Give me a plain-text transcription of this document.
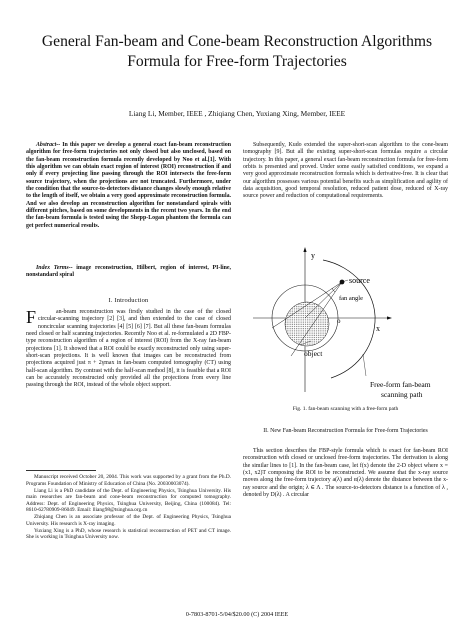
General Fan-beam and Cone-beam Reconstruction Algorithms Formula for Free-form Trajectories
Liang Li, Member, IEEE , Zhiqiang Chen, Yuxiang Xing, Member, IEEE
Abstract-- In this paper we develop a general exact fan-beam reconstruction algorithm for free-form trajectories not only closed but also unclosed, based on the fan-beam reconstruction formula recently developed by Noo et al.[1]. With this algorithm we can obtain exact region of interest (ROI) reconstruction if and only if every projecting line passing through the ROI intersects the free-form source trajectory, when the projections are not truncated. Furthermore, under the condition that the source-to-detectors distance changes slowly enough relative to the length of itself, we obtain a very good approximate reconstruction formula. And we also develop an reconstruction algorithm for nonstandard spirals with different pitches, based on some developments in the recent two years. In the end the fan-beam formula is tested using the Shepp-Logan phantom the formula can get perfect numerical results.
Index Terms-- image reconstruction, Hilbert, region of interest, PI-line, nonstandard spiral
I. Introduction
F	an-beam reconstruction was firstly studied in the case of the closed circular-scanning trajectory [2] [3], and then extended to the case of closed noncircular scanning trajectories [4] [5] [6] [7]. But all these fan-beam formulas need closed or half scanning trajectories. Recently Noo et al. re-formulated a 2D FBP-type reconstruction algorithm of a region of interest (ROI) from the X-ray fan-beam projections [1]. It showed that a ROI could be exactly reconstructed only using super-short-scan projections. It is well known that images can be reconstructed from projections acquired just π + 2γmax in fan-beam computed tomography (CT) using half-scan algorithm. By contrast with the half-scan method [8], it is feasible that a ROI can be accurately reconstructed only provided all the projections from every line passing through the ROI, instead of the whole object support.

Manuscript received October 20, 2004. This work was supported by a grant from the Ph.D. Programs Foundation of Ministry of Education of China (No. 20030003074).

Liang Li is a PhD candidate of the Dept. of Engineering Physics, Tsinghua University. His main researches are fan-beam and cone-beam reconstruction for computed tomography. Address: Dept. of Engineering Physics, Tsinghua University, Beijing, China (100084). Tel: 8610-62780909-86049. Email: lliang98@tsinghua.org.cn

Zhiqiang Chen is an associate professor of the Dept. of Engineering Physics, Tsinghua University. His research is X-ray imaging.

Yuxiang Xing is a PhD, whose research is statistical reconstruction of PET and CT image. She is working in Tsinghua University now.

Subsequently, Kudo extended the super-short-scan algorithm to the cone-beam tomography [9]. But all the existing super-short-scan formulas require a circular trajectory. In this paper, a general exact fan-beam reconstruction formula for free-form orbits is presented and proved. Under some easily satisfied conditions, we expand a very good approximate reconstruction formula which is derivative-free. It is clear that our algorithm possesses various potential benefits such as simplification and agility of data acquisition, good temporal resolution, reduced patient dose, reduced of X-ray source power and reduction of computational requirements.
y
source
fan angle
o
x
object
Free-form fan-beam
scanning path
Fig. 1. fan-beam scanning with a free-form path
II. New Fan-beam Reconstruction Formula for Free-form Trajectories
This section describes the FBP-style formula which is exact for fan-beam ROI reconstruction with closed or unclosed free-form trajectories. The derivation is along the similar lines to [1]. In the fan-beam case, let f(x) denote the 2-D object where x = (x1, x2)T composing the ROI to be reconstructed. We assume that the x-ray source moves along the free-form trajectory a(λ) and α(λ) denote the distance between the x-ray source and the origin; λ ∈ Λ . The source-to-detectors distance is a function of λ , denoted by D(λ) . A circular
0-7803-8701-5/04/$20.00 (C) 2004 IEEE
